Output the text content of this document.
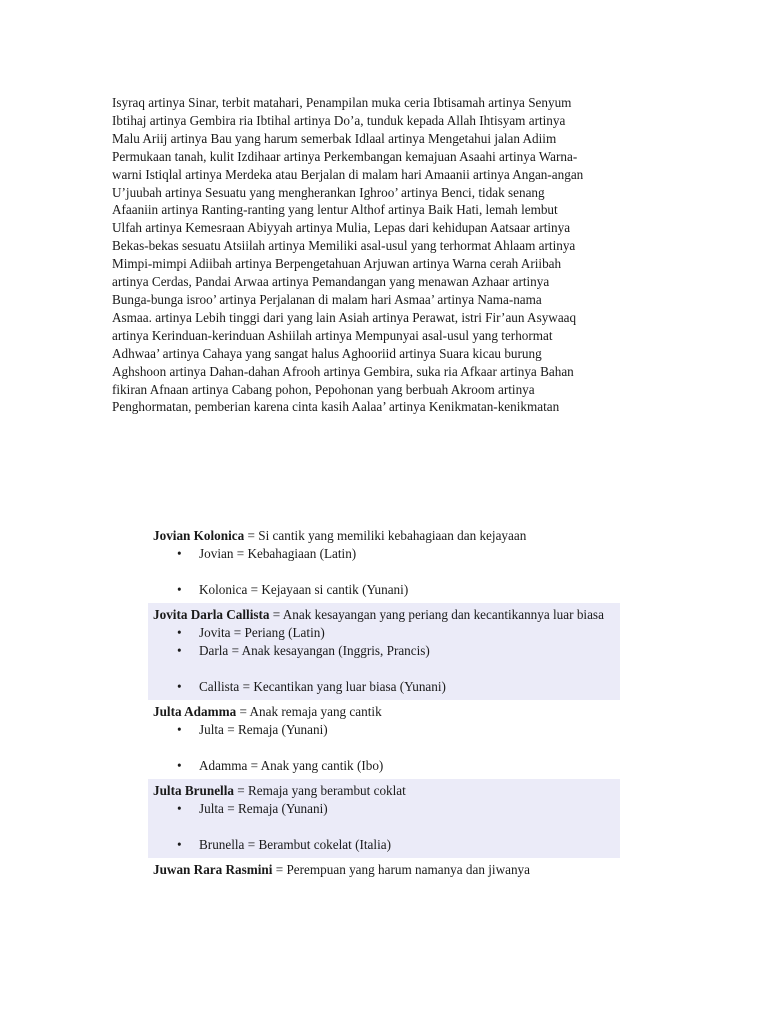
Isyraq artinya Sinar, terbit matahari, Penampilan muka ceria Ibtisamah artinya Senyum
Ibtihaj artinya Gembira ria Ibtihal artinya Do’a, tunduk kepada Allah Ihtisyam artinya
Malu Ariij artinya Bau yang harum semerbak Idlaal artinya Mengetahui jalan Adiim
Permukaan tanah, kulit Izdihaar artinya Perkembangan kemajuan Asaahi artinya Warna-
warni Istiqlal artinya Merdeka atau Berjalan di malam hari Amaanii artinya Angan-angan
U’juubah artinya Sesuatu yang mengherankan Ighroo’ artinya Benci, tidak senang
Afaaniin artinya Ranting-ranting yang lentur Althof artinya Baik Hati, lemah lembut
Ulfah artinya Kemesraan Abiyyah artinya Mulia, Lepas dari kehidupan Aatsaar artinya
Bekas-bekas sesuatu Atsiilah artinya Memiliki asal-usul yang terhormat Ahlaam artinya
Mimpi-mimpi Adiibah artinya Berpengetahuan Arjuwan artinya Warna cerah Ariibah
artinya Cerdas, Pandai Arwaa artinya Pemandangan yang menawan Azhaar artinya
Bunga-bunga isroo’ artinya Perjalanan di malam hari Asmaa’ artinya Nama-nama
Asmaa. artinya Lebih tinggi dari yang lain Asiah artinya Perawat, istri Fir’aun Asywaaq
artinya Kerinduan-kerinduan Ashiilah artinya Mempunyai asal-usul yang terhormat
Adhwaa’ artinya Cahaya yang sangat halus Aghooriid artinya Suara kicau burung
Aghshoon artinya Dahan-dahan Afrooh artinya Gembira, suka ria Afkaar artinya Bahan
fikiran Afnaan artinya Cabang pohon, Pepohonan yang berbuah Akroom artinya
Penghormatan, pemberian karena cinta kasih Aalaa’ artinya Kenikmatan-kenikmatan

Jovian Kolonica = Si cantik yang memiliki kebahagiaan dan kejayaan

• Jovian = Kebahagiaan (Latin)
• Kolonica = Kejayaan si cantik (Yunani)

Jovita Darla Callista = Anak kesayangan yang periang dan kecantikannya luar biasa

• Jovita = Periang (Latin)
• Darla = Anak kesayangan (Inggris, Prancis)
• Callista = Kecantikan yang luar biasa (Yunani)

Julta Adamma = Anak remaja yang cantik

• Julta = Remaja (Yunani)
• Adamma = Anak yang cantik (Ibo)

Julta Brunella = Remaja yang berambut coklat

• Julta = Remaja (Yunani)
• Brunella = Berambut cokelat (Italia)

Juwan Rara Rasmini = Perempuan yang harum namanya dan jiwanya
